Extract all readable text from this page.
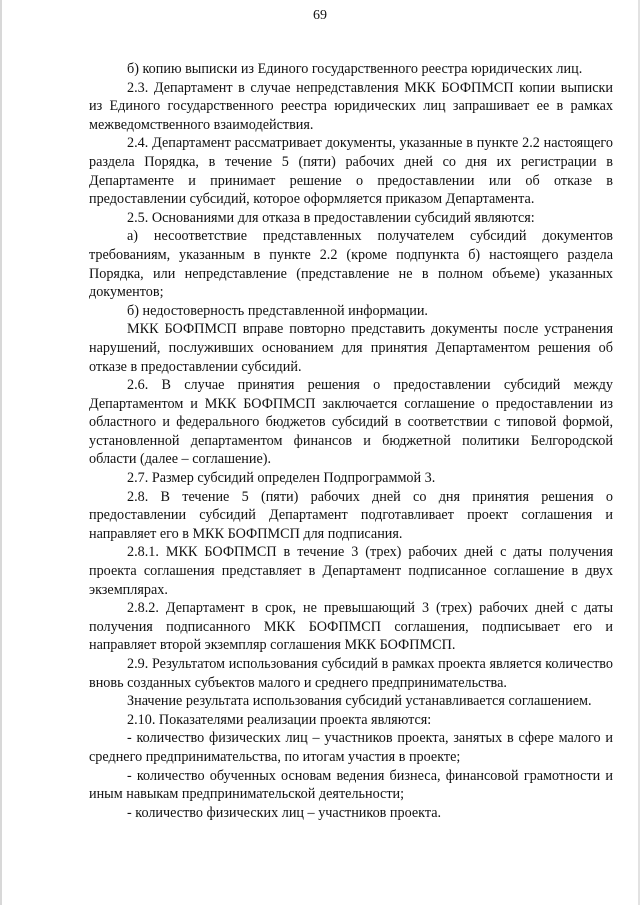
69

б) копию выписки из Единого государственного реестра юридических лиц.

2.3. Департамент в случае непредставления МКК БОФПМСП копии выписки из Единого государственного реестра юридических лиц запрашивает ее в рамках межведомственного взаимодействия.

2.4. Департамент рассматривает документы, указанные в пункте 2.2 настоящего раздела Порядка, в течение 5 (пяти) рабочих дней со дня их регистрации в Департаменте и принимает решение о предоставлении или об отказе в предоставлении субсидий, которое оформляется приказом Департамента.

2.5. Основаниями для отказа в предоставлении субсидий являются:

а) несоответствие представленных получателем субсидий документов требованиям, указанным в пункте 2.2 (кроме подпункта б) настоящего раздела Порядка, или непредставление (представление не в полном объеме) указанных документов;

б) недостоверность представленной информации.

МКК БОФПМСП вправе повторно представить документы после устранения нарушений, послуживших основанием для принятия Департаментом решения об отказе в предоставлении субсидий.

2.6. В случае принятия решения о предоставлении субсидий между Департаментом и МКК БОФПМСП заключается соглашение о предоставлении из областного и федерального бюджетов субсидий в соответствии с типовой формой, установленной департаментом финансов и бюджетной политики Белгородской области (далее – соглашение).

2.7. Размер субсидий определен Подпрограммой 3.

2.8. В течение 5 (пяти) рабочих дней со дня принятия решения о предоставлении субсидий Департамент подготавливает проект соглашения и направляет его в МКК БОФПМСП для подписания.

2.8.1. МКК БОФПМСП в течение 3 (трех) рабочих дней с даты получения проекта соглашения представляет в Департамент подписанное соглашение в двух экземплярах.

2.8.2. Департамент в срок, не превышающий 3 (трех) рабочих дней с даты получения подписанного МКК БОФПМСП соглашения, подписывает его и направляет второй экземпляр соглашения МКК БОФПМСП.

2.9. Результатом использования субсидий в рамках проекта является количество вновь созданных субъектов малого и среднего предпринимательства.

Значение результата использования субсидий устанавливается соглашением.

2.10. Показателями реализации проекта являются:

- количество физических лиц – участников проекта, занятых в сфере малого и среднего предпринимательства, по итогам участия в проекте;

- количество обученных основам ведения бизнеса, финансовой грамотности и иным навыкам предпринимательской деятельности;

- количество физических лиц – участников проекта.
